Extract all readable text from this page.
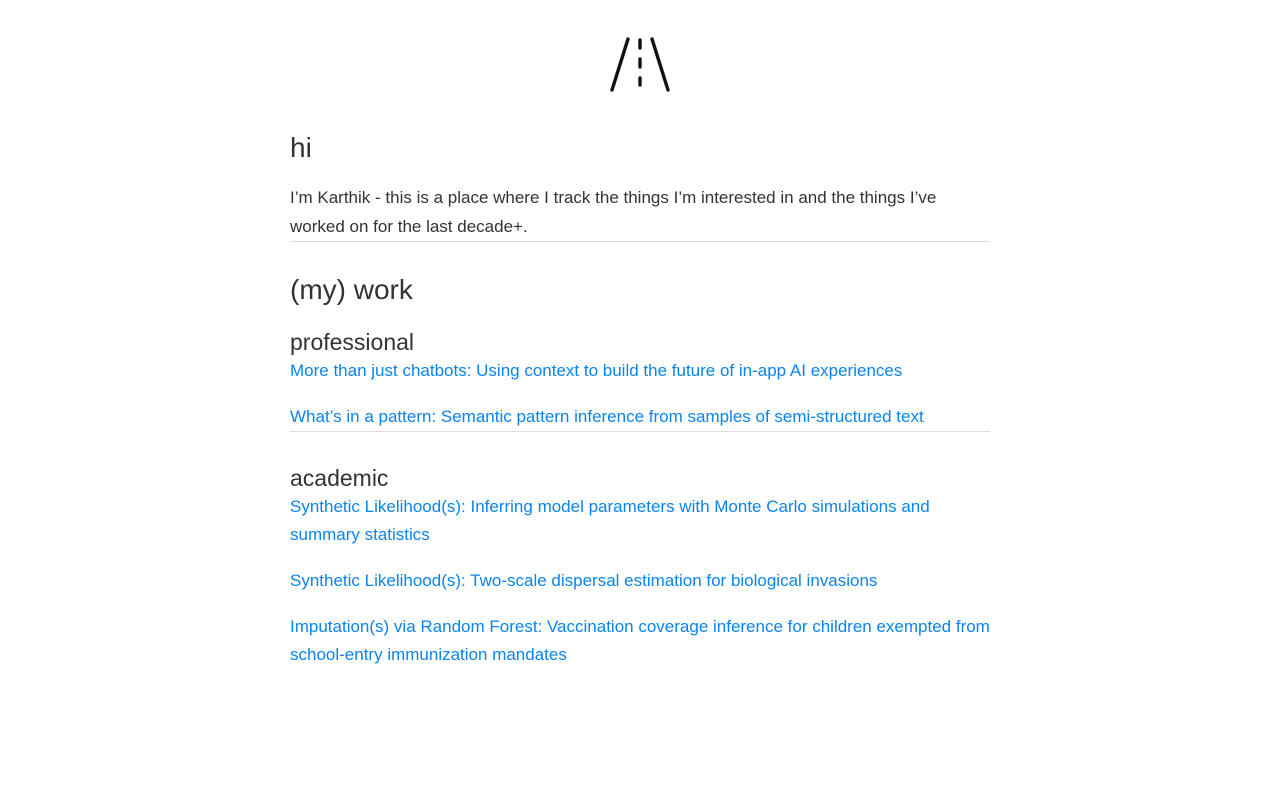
hi

I’m Karthik - this is a place where I track the things I’m interested in and the things I’ve worked on for the last decade+.

(my) work
professional
More than just chatbots: Using context to build the future of in-app AI experiences
What’s in a pattern: Semantic pattern inference from samples of semi-structured text
academic
Synthetic Likelihood(s): Inferring model parameters with Monte Carlo simulations and summary statistics
Synthetic Likelihood(s): Two-scale dispersal estimation for biological invasions
Imputation(s) via Random Forest: Vaccination coverage inference for children exempted from school-entry immunization mandates
